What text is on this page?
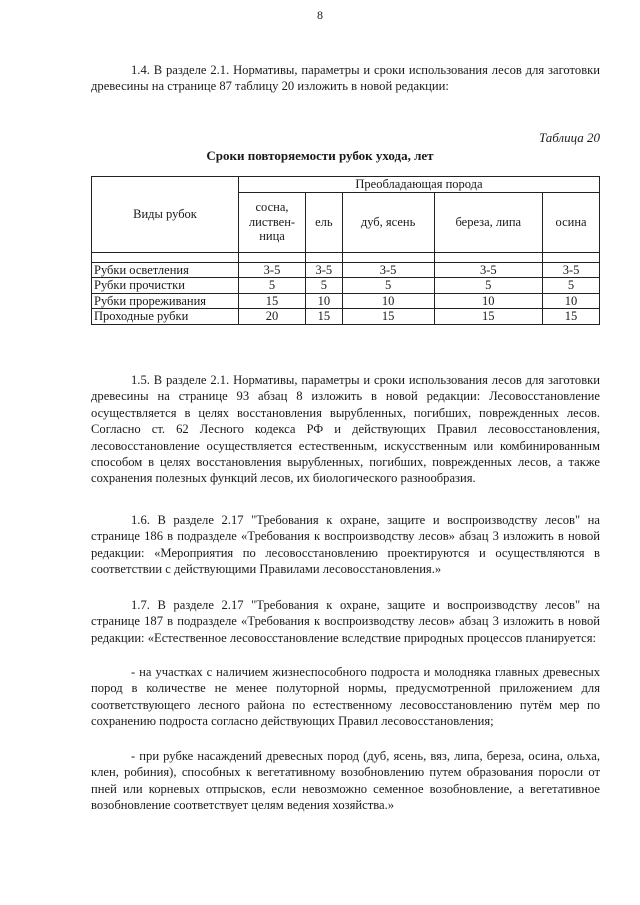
8

1.4. В разделе 2.1. Нормативы, параметры и сроки использования лесов для заготовки древесины на странице 87 таблицу 20 изложить в новой редакции:

Таблица 20
Сроки повторяемости рубок ухода, лет
Виды рубок	Преобладающая порода				
	сосна, листвен-ница	ель	дуб, ясень	береза, липа	осина

Рубки осветления	3-5	3-5	3-5	3-5	3-5
Рубки прочистки	5	5	5	5	5
Рубки прореживания	15	10	10	10	10
Проходные рубки	20	15	15	15	15

1.5. В разделе 2.1. Нормативы, параметры и сроки использования лесов для заготовки древесины на странице 93 абзац 8 изложить в новой редакции: Лесовосстановление осуществляется в целях восстановления вырубленных, погибших, поврежденных лесов. Согласно ст. 62 Лесного кодекса РФ и действующих Правил лесовосстановления, лесовосстановление осуществляется естественным, искусственным или комбинированным способом в целях восстановления вырубленных, погибших, поврежденных лесов, а также сохранения полезных функций лесов, их биологического разнообразия.

1.6. В разделе 2.17 "Требования к охране, защите и воспроизводству лесов" на странице 186 в подразделе «Требования к воспроизводству лесов» абзац 3 изложить в новой редакции: «Мероприятия по лесовосстановлению проектируются и осуществляются в соответствии с действующими Правилами лесовосстановления.»

1.7. В разделе 2.17 "Требования к охране, защите и воспроизводству лесов" на странице 187 в подразделе «Требования к воспроизводству лесов» абзац 3 изложить в новой редакции: «Естественное лесовосстановление вследствие природных процессов планируется:

- на участках с наличием жизнеспособного подроста и молодняка главных древесных пород в количестве не менее полуторной нормы, предусмотренной приложением для соответствующего лесного района по естественному лесовосстановлению путём мер по сохранению подроста согласно действующих Правил лесовосстановления;

- при рубке насаждений древесных пород (дуб, ясень, вяз, липа, береза, осина, ольха, клен, робиния), способных к вегетативному возобновлению путем образования поросли от пней или корневых отпрысков, если невозможно семенное возобновление, а вегетативное возобновление соответствует целям ведения хозяйства.»
